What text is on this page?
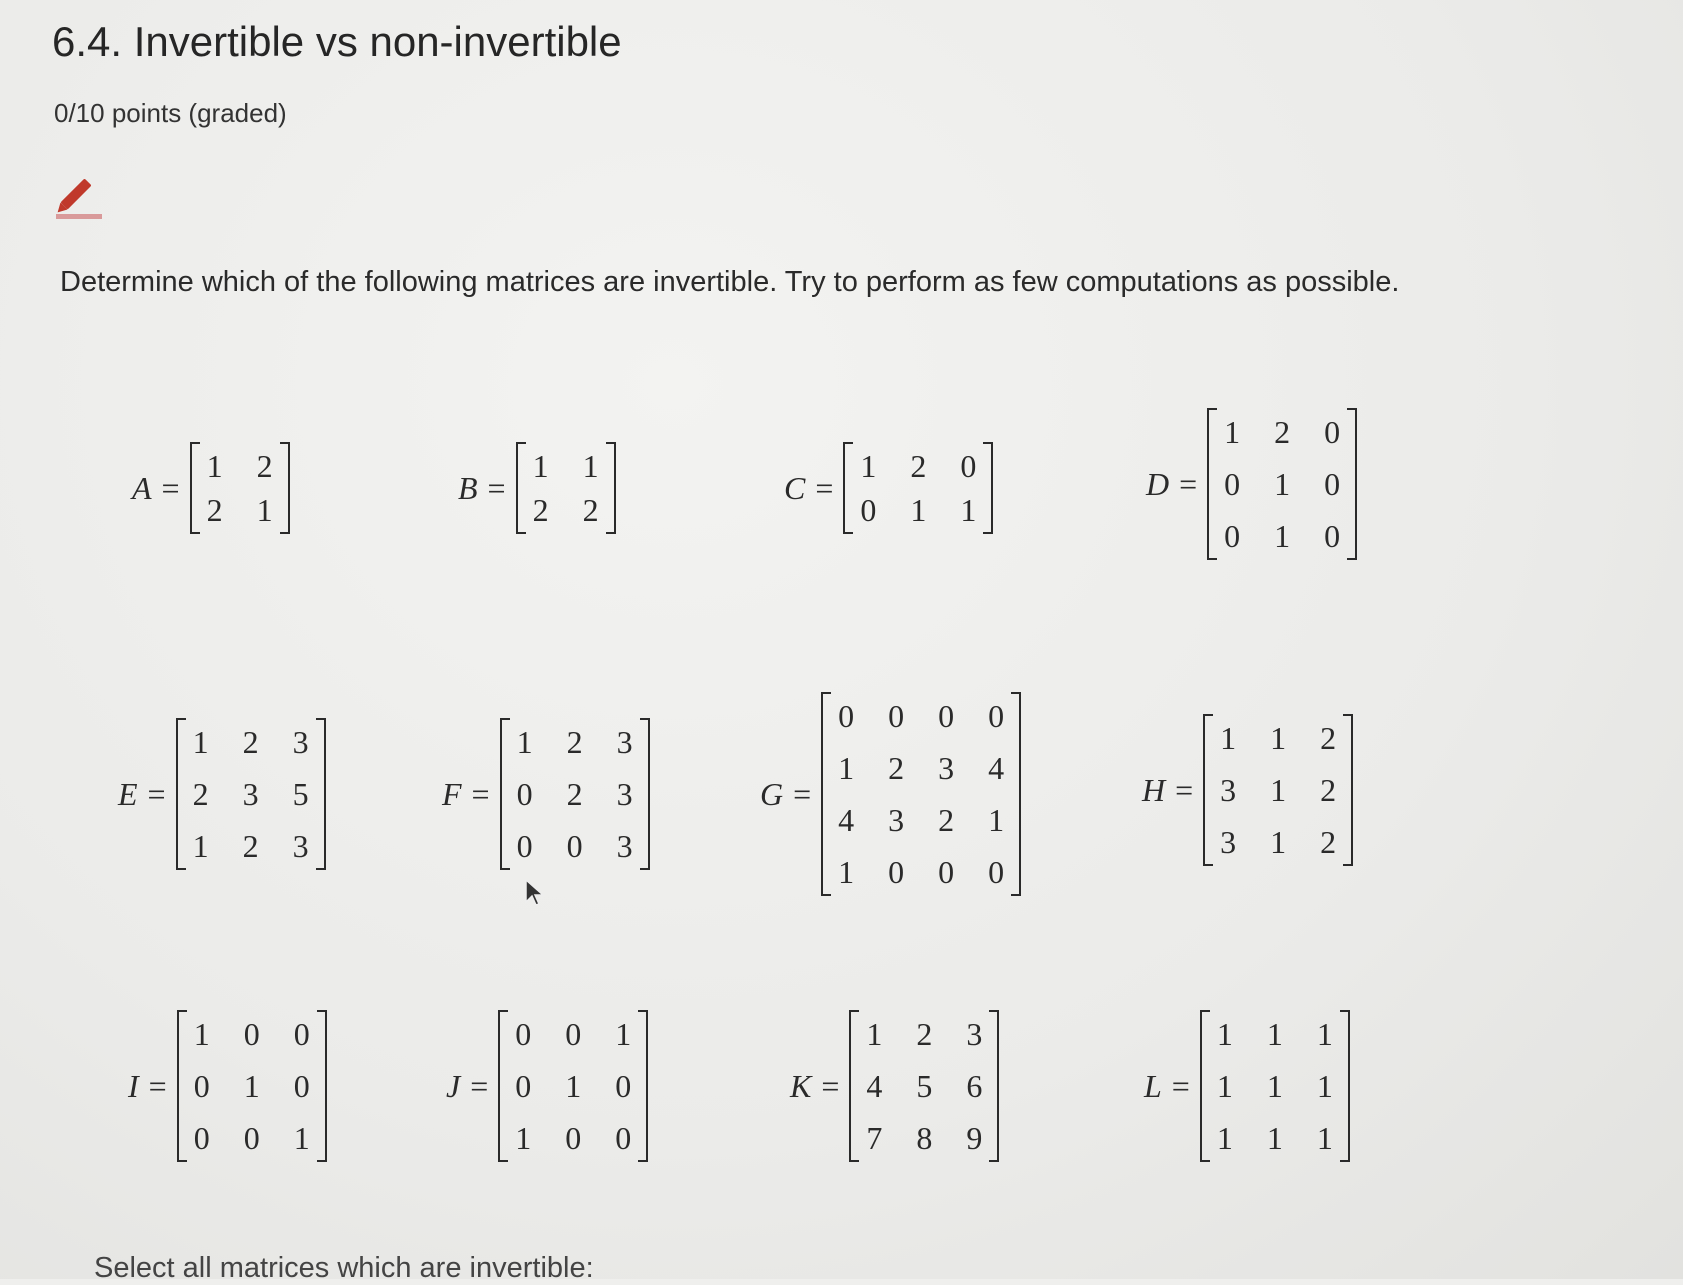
6.4. Invertible vs non-invertible
0/10 points (graded)
Determine which of the following matrices are invertible. Try to perform as few computations as possible.
A =
1 2
2 1
B =
1 1
2 2
C =
1 2 0
0 1 1
D =
1 2 0
0 1 0
0 1 0
E =
1 2 3
2 3 5
1 2 3
F =
1 2 3
0 2 3
0 0 3
G =
0 0 0 0
1 2 3 4
4 3 2 1
1 0 0 0
H =
1 1 2
3 1 2
3 1 2
I =
1 0 0
0 1 0
0 0 1
J =
0 0 1
0 1 0
1 0 0
K =
1 2 3
4 5 6
7 8 9
L =
1 1 1
1 1 1
1 1 1
Select all matrices which are invertible:
